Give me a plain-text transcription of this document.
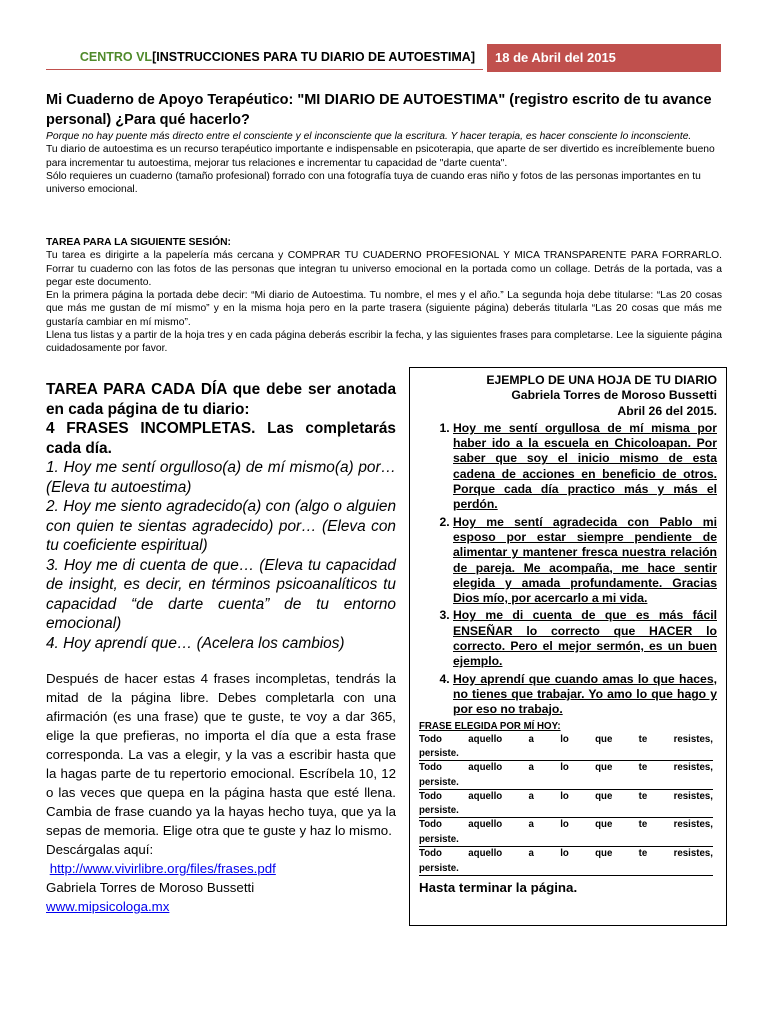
CENTRO VL[INSTRUCCIONES PARA TU DIARIO DE AUTOESTIMA]	18 de Abril del 2015
Mi Cuaderno de Apoyo Terapéutico: "MI DIARIO DE AUTOESTIMA" (registro escrito de tu avance personal) ¿Para qué hacerlo?

Porque no hay puente más directo entre el consciente y el inconsciente que la escritura. Y hacer terapia, es hacer consciente lo inconsciente.

Tu diario de autoestima es un recurso terapéutico importante e indispensable en psicoterapia, que aparte de ser divertido es increíblemente bueno para incrementar tu autoestima, mejorar tus relaciones e incrementar tu capacidad de "darte cuenta".

Sólo requieres un cuaderno (tamaño profesional) forrado con una fotografía tuya de cuando eras niño y fotos de las personas importantes en tu universo emocional.

TAREA PARA LA SIGUIENTE SESIÓN:

Tu tarea es dirigirte a la papelería más cercana y COMPRAR TU CUADERNO PROFESIONAL Y MICA TRANSPARENTE PARA FORRARLO. Forrar tu cuaderno con las fotos de las personas que integran tu universo emocional en la portada como un collage. Detrás de la portada, vas a pegar este documento.

En la primera página la portada debe decir: “Mi diario de Autoestima. Tu nombre, el mes y el año.” La segunda hoja debe titularse: “Las 20 cosas que más me gustan de mí mismo” y en la misma hoja pero en la parte trasera (siguiente página) deberás titularla “Las 20 cosas que más me gustaría cambiar en mí mismo”.

Llena tus listas y a partir de la hoja tres y en cada página deberás escribir la fecha, y las siguientes frases para completarse. Lee la siguiente página cuidadosamente por favor.

TAREA PARA CADA DÍA que debe ser anotada en cada página de tu diario:

4 FRASES INCOMPLETAS. Las completarás cada día.

1. Hoy me sentí orgulloso(a) de mí mismo(a) por… (Eleva tu autoestima)

2. Hoy me siento agradecido(a) con (algo o alguien con quien te sientas agradecido) por… (Eleva con tu coeficiente espiritual)

3. Hoy me di cuenta de que… (Eleva tu capacidad de insight, es decir, en términos psicoanalíticos tu capacidad “de darte cuenta” de tu entorno emocional)

4. Hoy aprendí que… (Acelera los cambios)

Después de hacer estas 4 frases incompletas, tendrás la mitad de la página libre. Debes completarla con una afirmación (es una frase) que te guste, te voy a dar 365, elige la que prefieras, no importa el día que a esta frase corresponda. La vas a elegir, y la vas a escribir hasta que la hagas parte de tu repertorio emocional. Escríbela 10, 12 o las veces que quepa en la página hasta que esté llena. Cambia de frase cuando ya la hayas hecho tuya, que ya la sepas de memoria. Elige otra que te guste y haz lo mismo.

Descárgalas aquí:

http://www.vivirlibre.org/files/frases.pdf

Gabriela Torres de Moroso Bussetti

www.mipsicologa.mx

EJEMPLO DE UNA HOJA DE TU DIARIO
Gabriela Torres de Moroso Bussetti
Abril 26 del 2015.
1. Hoy me sentí orgullosa de mí misma por haber ido a la escuela en Chicoloapan. Por saber que soy el inicio mismo de esta cadena de acciones en beneficio de otros. Porque cada día practico más y más el perdón.
2. Hoy me sentí agradecida con Pablo mi esposo por estar siempre pendiente de alimentar y mantener fresca nuestra relación de pareja. Me acompaña, me hace sentir elegida y amada profundamente. Gracias Dios mío, por acercarlo a mi vida.
3. Hoy me di cuenta de que es más fácil ENSEÑAR lo correcto que HACER lo correcto. Pero el mejor sermón, es un buen ejemplo.
4. Hoy aprendí que cuando amas lo que haces, no tienes que trabajar. Yo amo lo que hago y por eso no trabajo.
FRASE ELEGIDA POR MÍ HOY:
Todo	aquello	a	lo	que	te	resistes,
persiste.
Todo	aquello	a	lo	que	te	resistes,
persiste.
Todo	aquello	a	lo	que	te	resistes,
persiste.
Todo	aquello	a	lo	que	te	resistes,
persiste.
Todo	aquello	a	lo	que	te	resistes,
persiste.
Hasta terminar la página.
